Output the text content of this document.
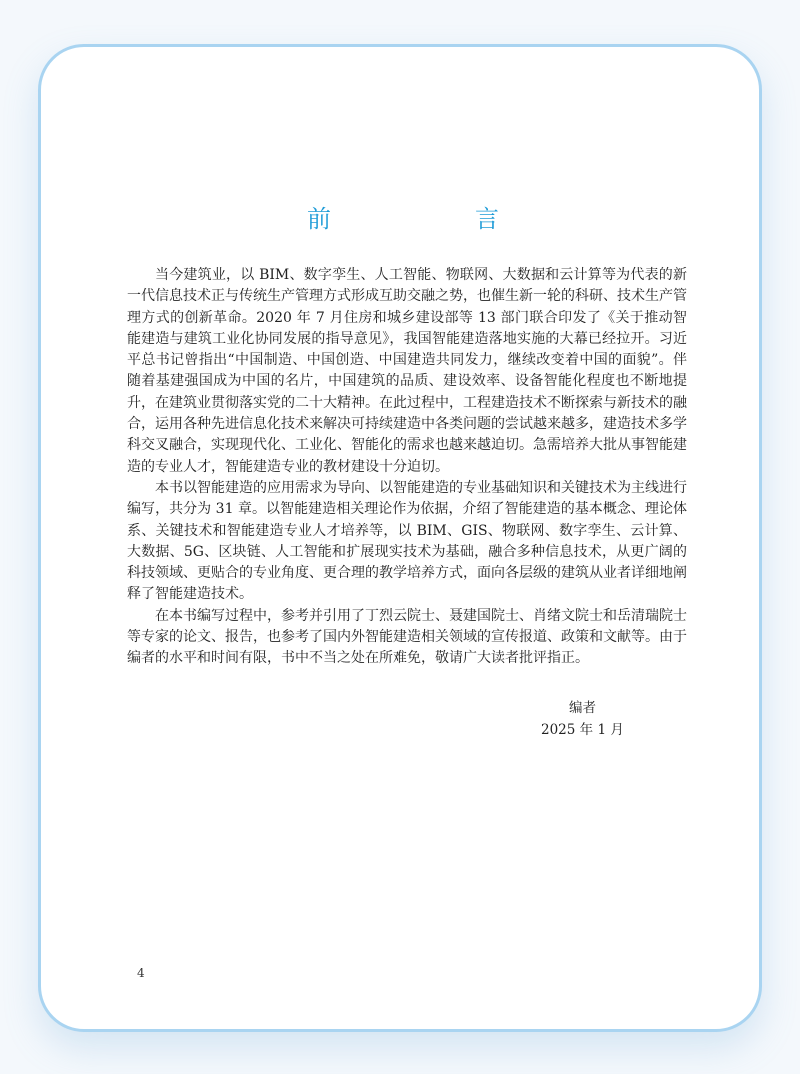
前　言

当今建筑业，以 BIM、数字孪生、人工智能、物联网、大数据和云计算等为代表的新一代信息技术正与传统生产管理方式形成互助交融之势，也催生新一轮的科研、技术生产管理方式的创新革命。2020 年 7 月住房和城乡建设部等 13 部门联合印发了《关于推动智能建造与建筑工业化协同发展的指导意见》，我国智能建造落地实施的大幕已经拉开。习近平总书记曾指出“中国制造、中国创造、中国建造共同发力，继续改变着中国的面貌”。伴随着基建强国成为中国的名片，中国建筑的品质、建设效率、设备智能化程度也不断地提升，在建筑业贯彻落实党的二十大精神。在此过程中，工程建造技术不断探索与新技术的融合，运用各种先进信息化技术来解决可持续建造中各类问题的尝试越来越多，建造技术多学科交叉融合，实现现代化、工业化、智能化的需求也越来越迫切。急需培养大批从事智能建造的专业人才，智能建造专业的教材建设十分迫切。

本书以智能建造的应用需求为导向、以智能建造的专业基础知识和关键技术为主线进行编写，共分为 31 章。以智能建造相关理论作为依据，介绍了智能建造的基本概念、理论体系、关键技术和智能建造专业人才培养等，以 BIM、GIS、物联网、数字孪生、云计算、大数据、5G、区块链、人工智能和扩展现实技术为基础，融合多种信息技术，从更广阔的科技领域、更贴合的专业角度、更合理的教学培养方式，面向各层级的建筑从业者详细地阐释了智能建造技术。

在本书编写过程中，参考并引用了丁烈云院士、聂建国院士、肖绪文院士和岳清瑞院士等专家的论文、报告，也参考了国内外智能建造相关领域的宣传报道、政策和文献等。由于编者的水平和时间有限，书中不当之处在所难免，敬请广大读者批评指正。

编者
2025 年 1 月
4
